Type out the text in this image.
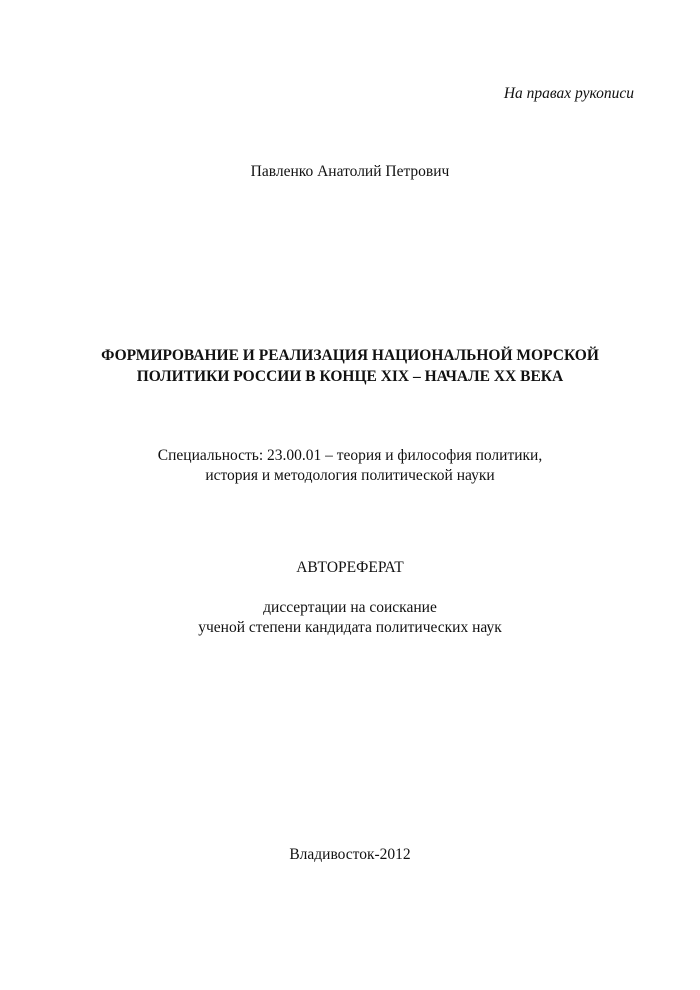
На правах рукописи
Павленко Анатолий Петрович
ФОРМИРОВАНИЕ И РЕАЛИЗАЦИЯ НАЦИОНАЛЬНОЙ МОРСКОЙ
ПОЛИТИКИ РОССИИ В КОНЦЕ XIX – НАЧАЛЕ XX ВЕКА
Специальность: 23.00.01 – теория и философия политики,
история и методология политической науки
АВТОРЕФЕРАТ
диссертации на соискание
ученой степени кандидата политических наук
Владивосток-2012
